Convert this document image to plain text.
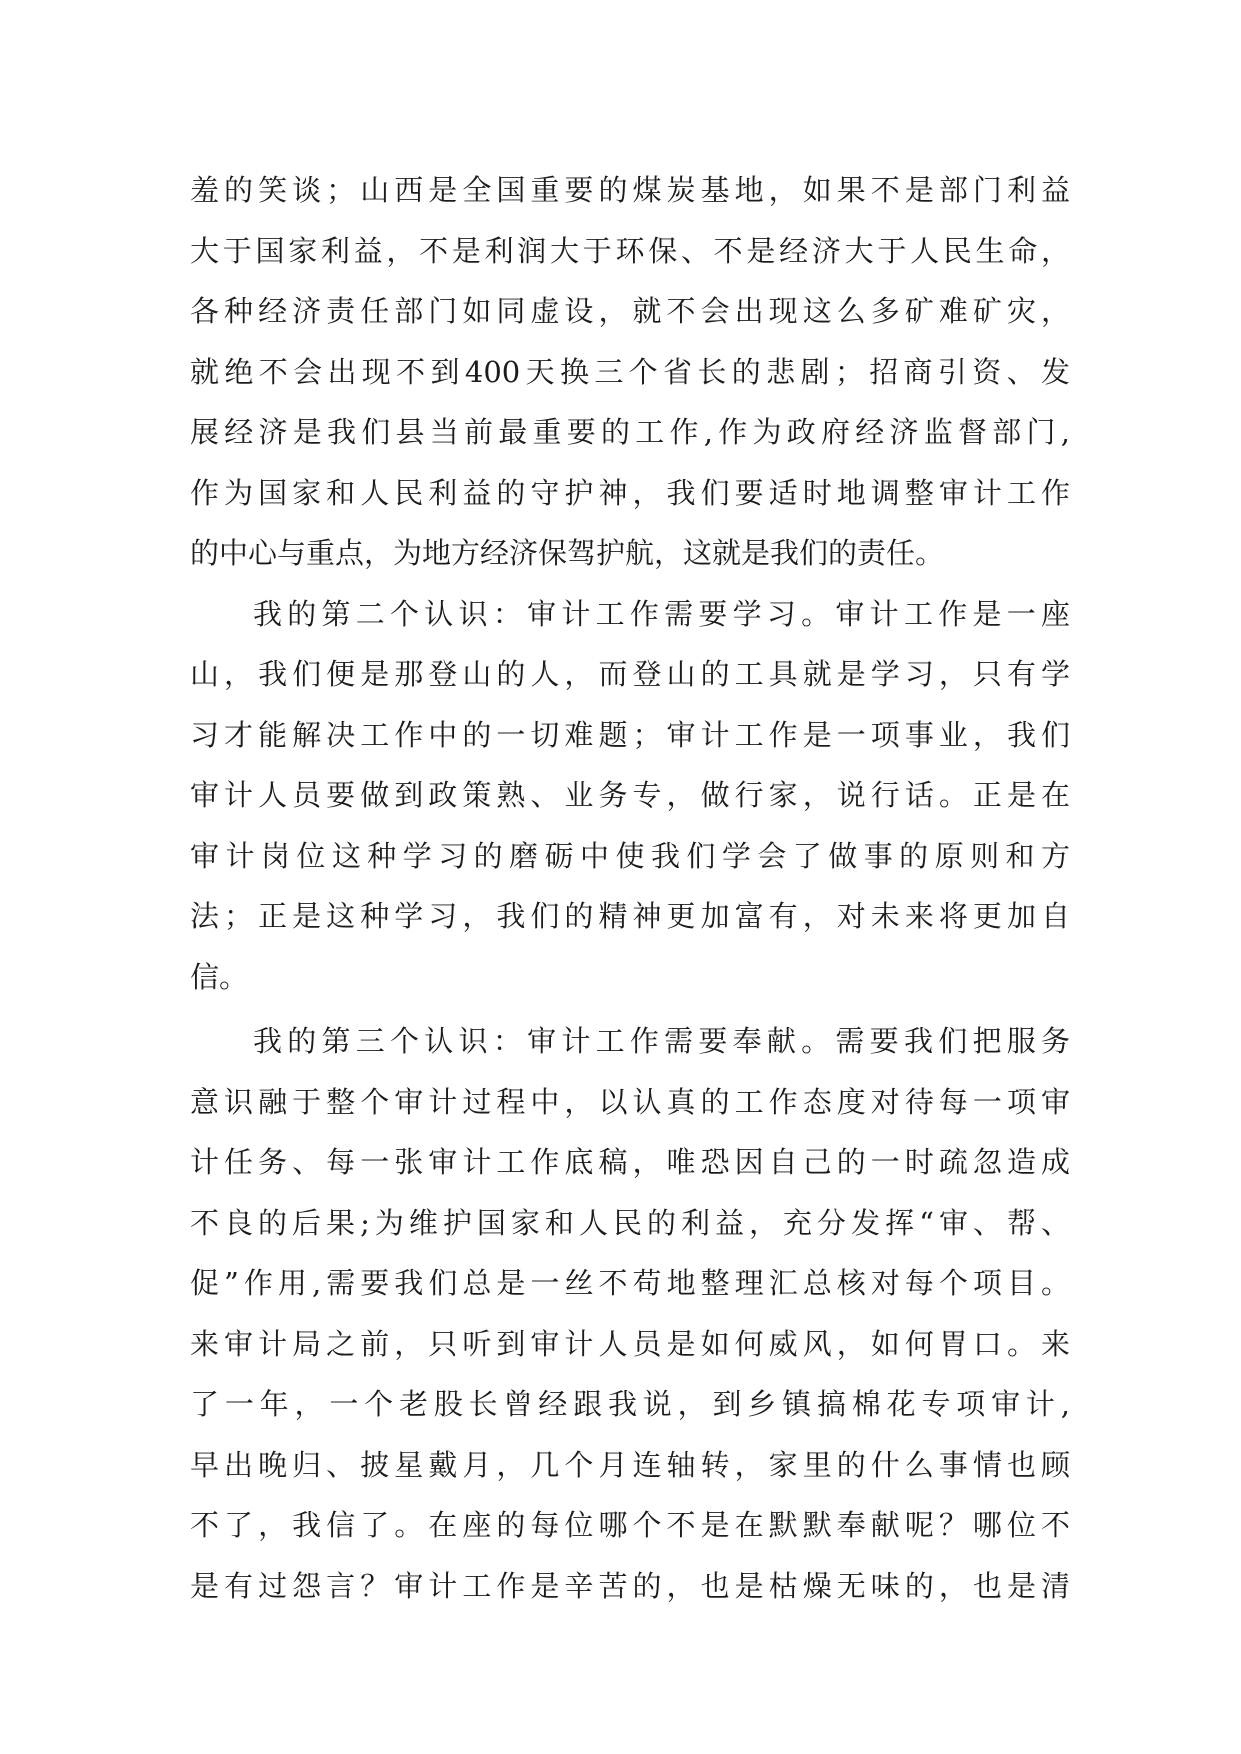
羞的笑谈；山西是全国重要的煤炭基地，如果不是部门利益
大于国家利益，不是利润大于环保、不是经济大于人民生命，
各种经济责任部门如同虚设，就不会出现这么多矿难矿灾，
就绝不会出现不到400天换三个省长的悲剧；招商引资、发
展经济是我们县当前最重要的工作,作为政府经济监督部门,
作为国家和人民利益的守护神，我们要适时地调整审计工作
的中心与重点，为地方经济保驾护航，这就是我们的责任。
我的第二个认识：审计工作需要学习。审计工作是一座
山，我们便是那登山的人，而登山的工具就是学习，只有学
习才能解决工作中的一切难题；审计工作是一项事业，我们
审计人员要做到政策熟、业务专，做行家，说行话。正是在
审计岗位这种学习的磨砺中使我们学会了做事的原则和方
法；正是这种学习，我们的精神更加富有，对未来将更加自
信。
我的第三个认识：审计工作需要奉献。需要我们把服务
意识融于整个审计过程中，以认真的工作态度对待每一项审
计任务、每一张审计工作底稿，唯恐因自己的一时疏忽造成
不良的后果;为维护国家和人民的利益，充分发挥“审、帮、
促”作用,需要我们总是一丝不苟地整理汇总核对每个项目。
来审计局之前，只听到审计人员是如何威风，如何胃口。来
了一年，一个老股长曾经跟我说，到乡镇搞棉花专项审计,
早出晚归、披星戴月，几个月连轴转，家里的什么事情也顾
不了，我信了。在座的每位哪个不是在默默奉献呢？哪位不
是有过怨言？审计工作是辛苦的，也是枯燥无味的，也是清
